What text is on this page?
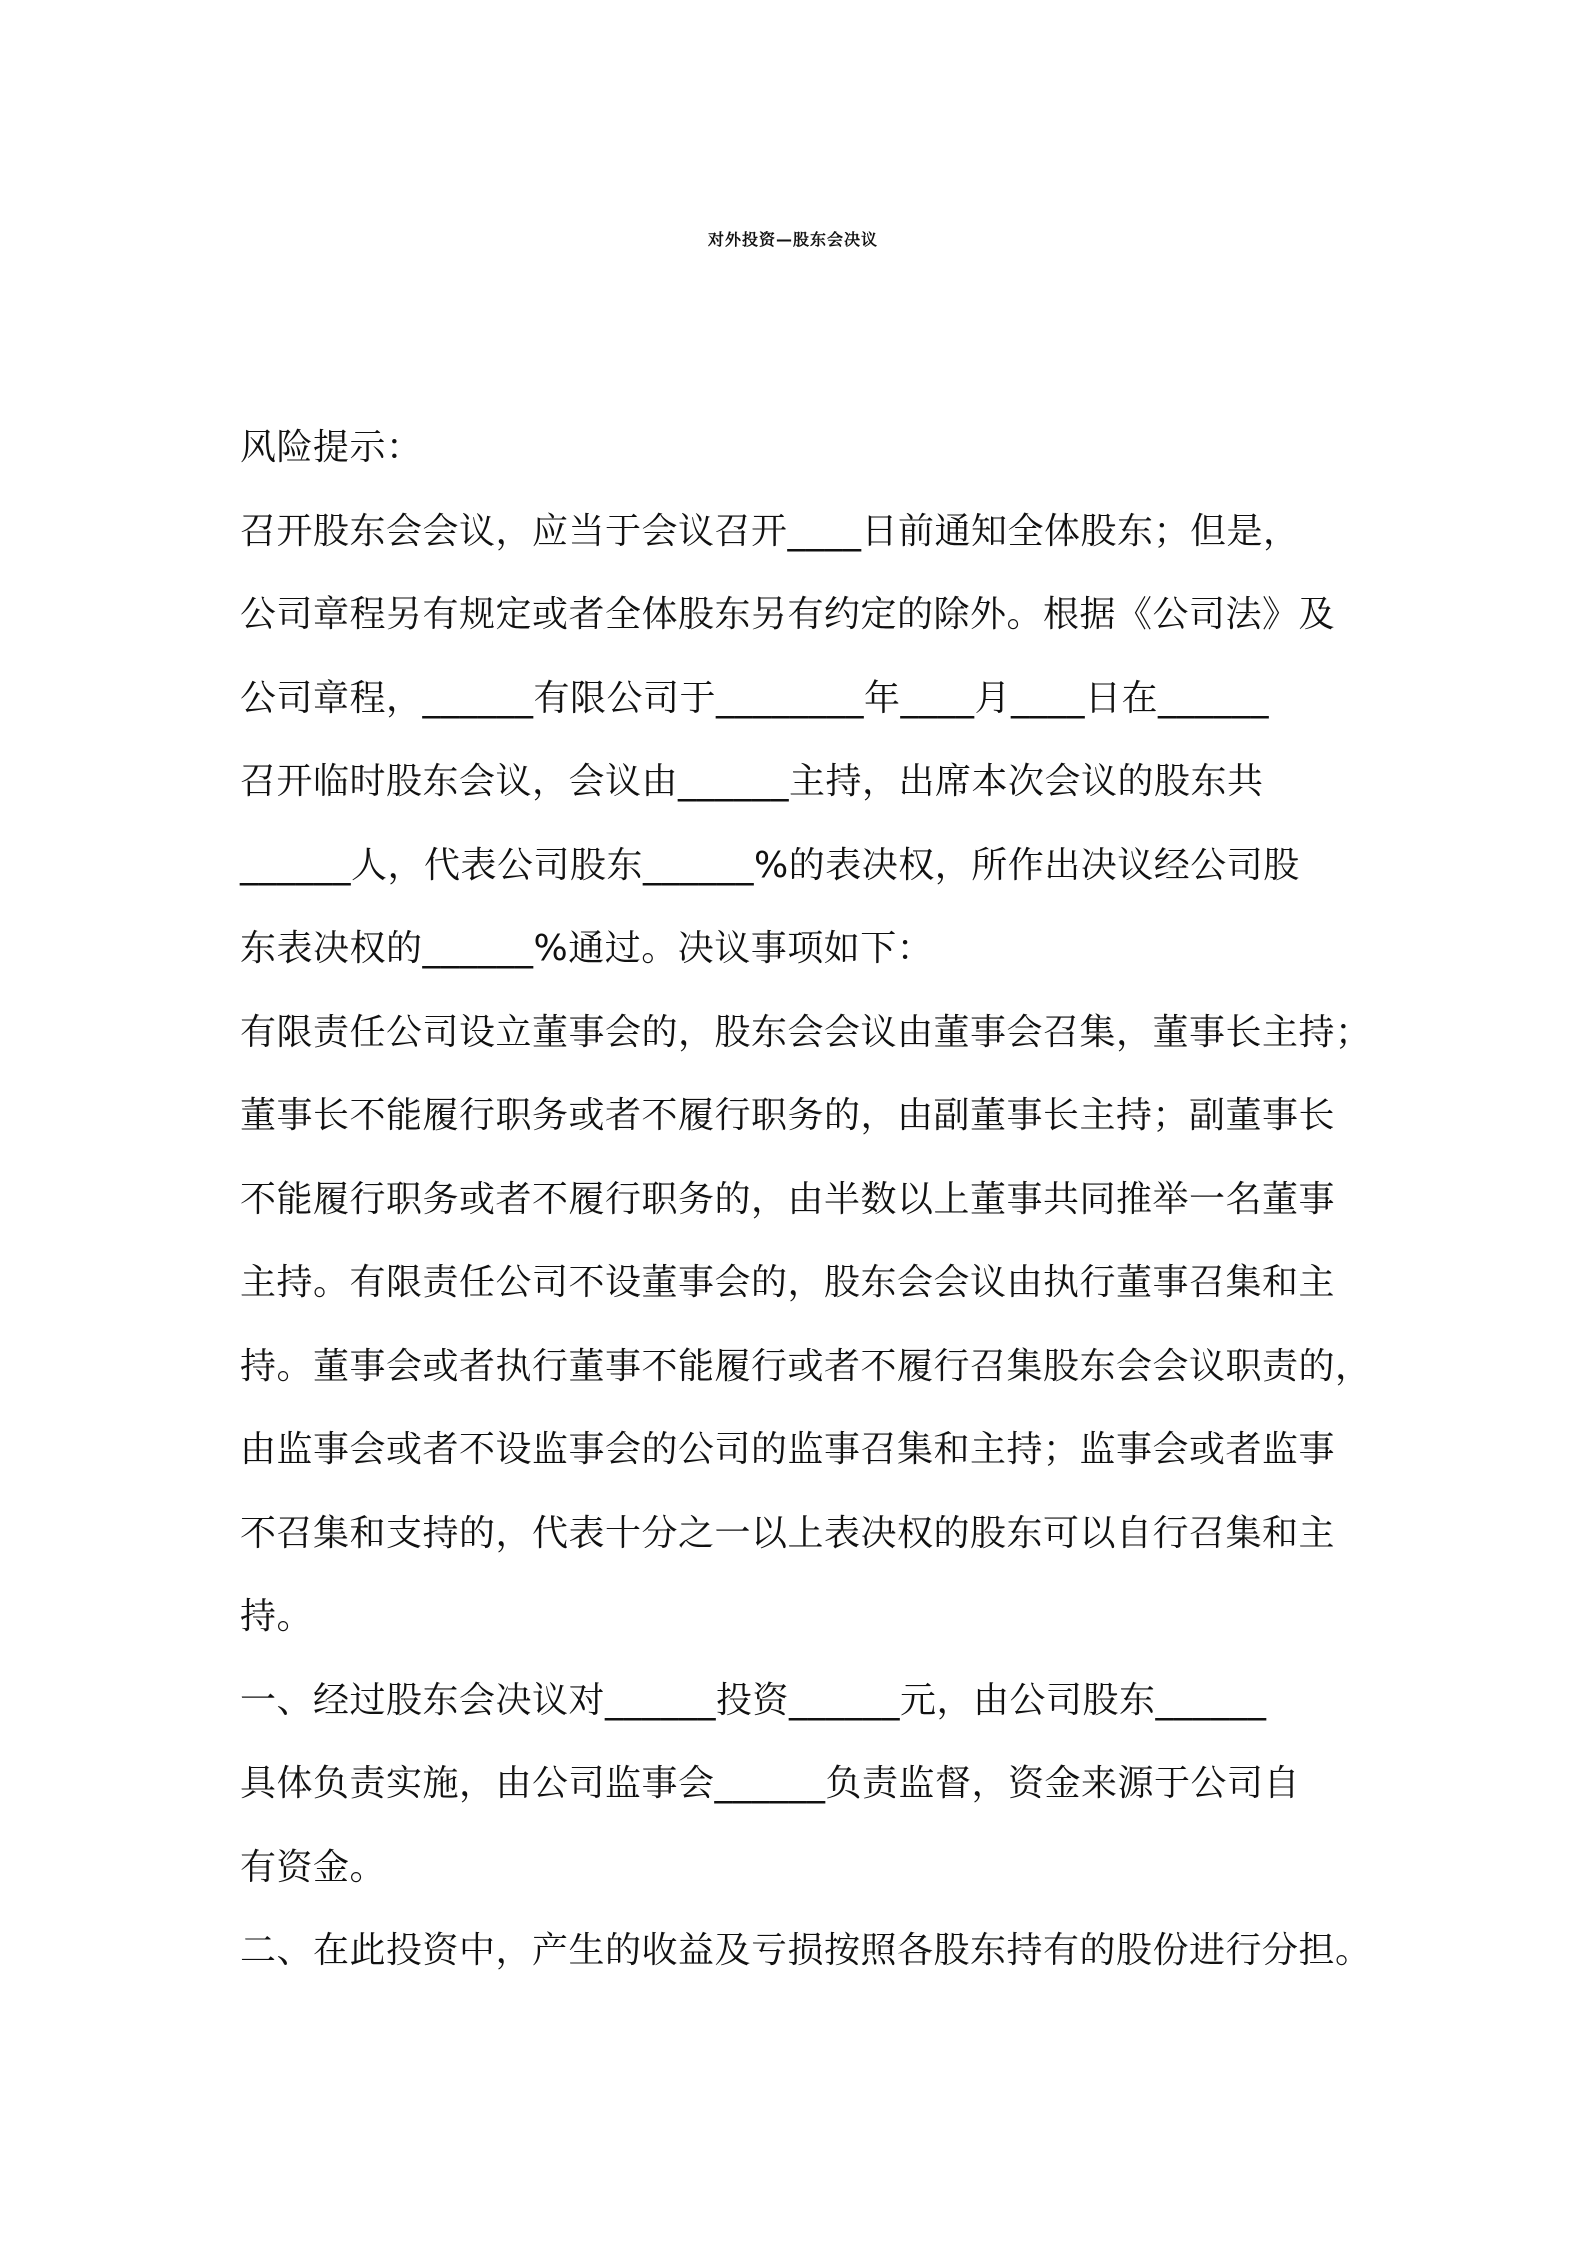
对外投资—股东会决议
风险提示：
召开股东会会议，应当于会议召开____日前通知全体股东；但是，
公司章程另有规定或者全体股东另有约定的除外。根据《公司法》及
公司章程，______有限公司于________年____月____日在______
召开临时股东会议，会议由______主持，出席本次会议的股东共
______人，代表公司股东______%的表决权，所作出决议经公司股
东表决权的______%通过。决议事项如下：
有限责任公司设立董事会的，股东会会议由董事会召集，董事长主持；
董事长不能履行职务或者不履行职务的，由副董事长主持；副董事长
不能履行职务或者不履行职务的，由半数以上董事共同推举一名董事
主持。有限责任公司不设董事会的，股东会会议由执行董事召集和主
持。董事会或者执行董事不能履行或者不履行召集股东会会议职责的，
由监事会或者不设监事会的公司的监事召集和主持；监事会或者监事
不召集和支持的，代表十分之一以上表决权的股东可以自行召集和主
持。
一、经过股东会决议对______投资______元，由公司股东______
具体负责实施，由公司监事会______负责监督，资金来源于公司自
有资金。
二、在此投资中，产生的收益及亏损按照各股东持有的股份进行分担。
